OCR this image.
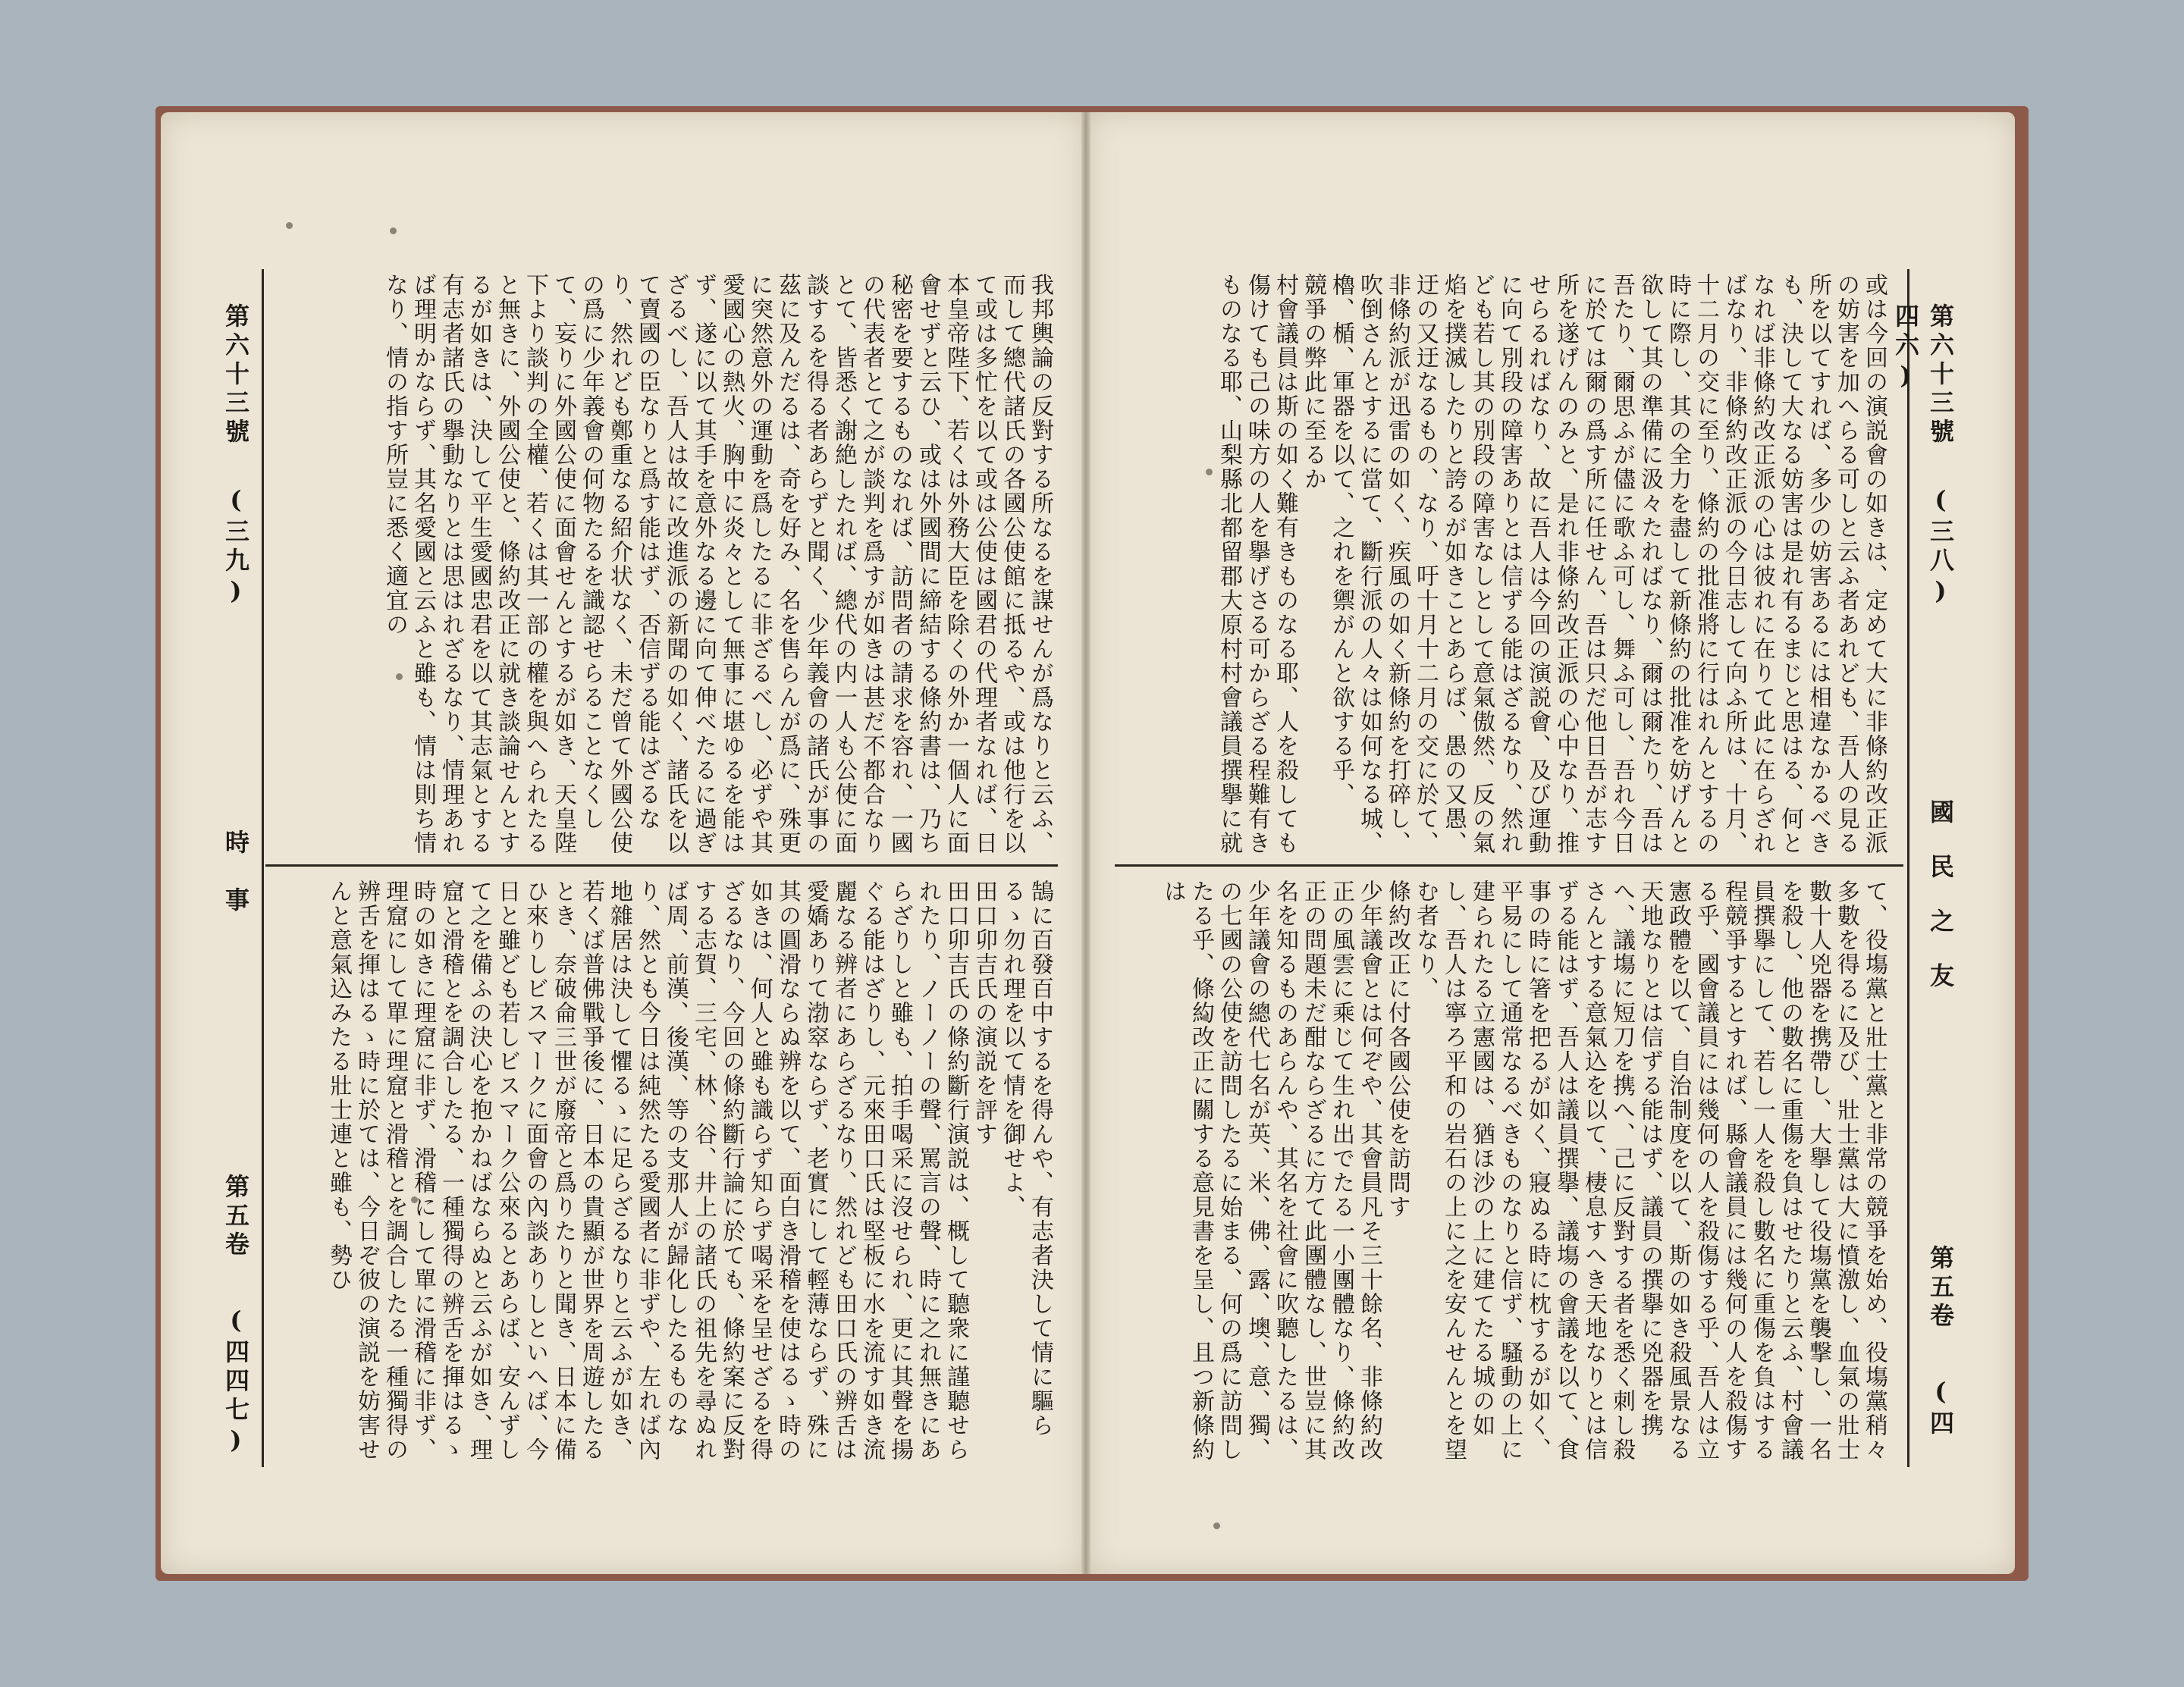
第六十三號(三九)時　事第五卷(四四七)
我邦輿論の反對する所なるを謀せんが爲なりと云ふ、而して總代諸氏の各國公使館に抵るや、或は他行を以て或は多忙を以て或は公使は國君の代理者なれば、日本皇帝陛下、若くは外務大臣を除くの外か一個人に面會せずと云ひ、或は外國間に締結する條約書は、乃ち秘密を要するものなれば、訪問者の請求を容れ、一國の代表者とて之が談判を爲すが如きは甚だ不都合なりとて、皆悉く謝絶したれば、總代の内一人も公使に面談するを得る者あらずと聞く、少年義會の諸氏が事の茲に及んだるは、奇を好み、名を售らんが爲に、殊更に突然意外の運動を爲したるに非ざるべし、必ずや其愛國心の熱火、胸中に炎々として無事に堪ゆるを能はず、遂に以て其手を意外なる邊に向て伸べたるに過ぎざるべし、吾人は故に改進派の新聞の如く、諸氏を以て賣國の臣なりと爲す能はず、否信ずる能はざるなり、然れども鄭重なる紹介状なく、未だ曾て外國公使の爲に少年義會の何物たるを識認せらることなくして、妄りに外國公使に面會せんとするが如き、天皇陛下より談判の全權、若くは其一部の權を與へられたると無きに、外國公使と、條約改正に就き談論せんとするが如きは、決して平生愛國忠君を以て其志氣とする有志者諸氏の擧動なりとは思はれざるなり、情理あれば理明かならず、其名愛國と云ふと雖も、情は則ち情なり、情の指す所豈に悉く適宜の
鵠に百發百中するを得んや、有志者決して情に驅らるゝ勿れ理を以て情を御せよ、
田口卯吉氏の演説を評す
田口卯吉氏の條約斷行演説は、概して聽衆に謹聽せられたり、ノーノーの聲、罵言の聲、時に之れ無きにあらざりしと雖も、拍手喝采に沒せられ、更に其聲を揚ぐる能はざりし、元來田口氏は堅板に水を流す如き流麗なる辨者にあらざるなり、然れども田口氏の辨舌は愛嬌ありて渤窣ならず、老實にして輕薄ならず、殊に其の圓滑ならぬ辨を以て、面白き滑稽を使はるゝ時の如きは、何人と雖も識らず知らず喝采を呈せざるを得ざるなり、今回の條約斷行論に於ても、條約案に反對する志賀、三宅、林、谷、井上の諸氏の祖先を尋ぬれば周、前漢、後漢、等の支那人が歸化したるものなり、然とも今日は純然たる愛國者に非ずや、左れば內地雜居は決して懼るゝに足らざるなりと云ふが如き、若くば普佛戰爭後に、日本の貴顯が世界を周遊したるとき、奈破侖三世が廢帝と爲りたりと聞き、日本に備ひ來りしビスマークに面會の內談ありしといへば、今日と雖ども若しビスマーク公來るとあらば、安んずして之を備ふの決心を抱かねばならぬと云ふが如き、理窟と滑稽とを調合したる、一種獨得の辨舌を揮はるゝ時の如きに理窟に非ず、滑稽にして單に滑稽に非ず、理窟にして單に理窟と滑稽とを調合したる一種獨得の辨舌を揮はるゝ時に於ては、今日ぞ彼の演説を妨害せんと意氣込みたる壯士連と雖も、勢ひ
或は今回の演説會の如きは、定めて大に非條約改正派の妨害を加へらる可しと云ふ者あれども、吾人の見る所を以てすれば、多少の妨害あるには相違なかるべきも、決して大なる妨害は是れ有るまじと思はる、何となれば非條約改正派の心は彼れに在りて此に在らざればなり、非條約改正派の今日志して向ふ所は、十月、十二月の交に至り、條約の批准將に行はれんとするの時に際し、其の全力を盡して新條約の批准を妨げんと欲して其の準備に汲々たればなり、爾は爾たり、吾は吾たり、爾思ふが儘に歌ふ可し、舞ふ可し、吾れ今日に於ては爾の爲す所に任せん、吾は只だ他日吾が志す所を遂げんのみと、是れ非條約改正派の心中なり、推せらるればなり、故に吾人は今回の演説會、及び運動に向て別段の障害ありとは信ずる能はざるなり、然れども若し其の別段の障害なしとして意氣傲然、反の氣焰を撲滅したりと誇るが如きことあらば、愚の又愚、迂の又迂なるもの、なり、吁十月十二月の交に於て、非條約派が迅雷の如く、疾風の如く新條約を打碎し、吹倒さんとするに當て、斷行派の人々は如何なる城、櫓、楯、軍器を以て、之れを禦がんと欲する乎、
競爭の弊此に至るか
村會議員は斯の如く難有きものなる耶、人を殺しても傷けても己の味方の人を擧げさる可からざる程難有きものなる耶、山梨縣北都留郡大原村村會議員撰擧に就
て、役塲黨と壯士黨と非常の競爭を始め、役塲黨稍々多數を得るに及び、壯士黨は大に憤激し、血氣の壯士數十人兇器を携帶し、大擧して役塲黨を襲撃し、一名を殺し、他の數名に重傷を負はせたりと云ふ、村會議員撰擧にして、若し一人を殺し數名に重傷を負はする程競爭するとすれば、縣會議員には幾何の人を殺傷する乎、國會議員には幾何の人を殺傷する乎、吾人は立憲政體を以て、自治制度を以て、斯の如き殺風景なる天地なりとは信ずる能はず、議員の撰擧に兇器を携へ、議塲に短刀を携へ、己に反對する者を悉く刺し殺さんとする意氣込を以て、棲息すへき天地なりとは信ずる能はず、吾人は議員撰擧、議塲の會議を以て、食事の時に箸を把るが如く、寢ぬる時に枕するが如く、平易にして通常なるべきものなりと信ず、騷動の上に建られたる立憲國は、猶ほ沙の上に建てたる城の如し、吾人は寧ろ平和の岩石の上に之を安んせんとを望む者なり、
條約改正に付各國公使を訪問す
少年議會とは何ぞや、其會員凡そ三十餘名、非條約改正の風雲に乘じて生れ出でたる一小團體なり、條約改正の問題未だ酣ならざるに方て此團體なし、世豈に其名を知るものあらんや、其名を社會に吹聽したるは、少年議會の總代七名が英、米、佛、露、墺、意、獨、の七國の公使を訪問したるに始まる、何の爲に訪問したる乎、條約改正に關する意見書を呈し、且つ新條約は
第六十三號(三八)國民之友第五卷(四四六)
